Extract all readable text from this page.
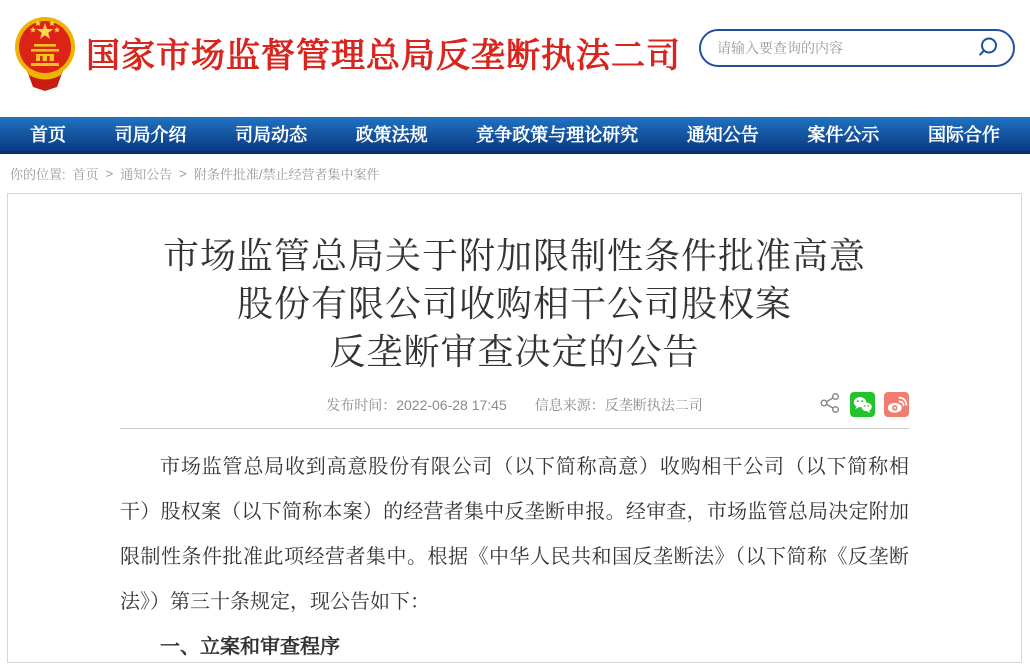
国家市场监督管理总局反垄断执法二司
请输入要查询的内容
首页	司局介绍	司局动态	政策法规	竞争政策与理论研究	通知公告	案件公示	国际合作
你的位置: 首页 > 通知公告 > 附条件批准/禁止经营者集中案件
市场监管总局关于附加限制性条件批准高意
股份有限公司收购相干公司股权案
反垄断审查决定的公告
发布时间：2022-06-28 17:45 信息来源：反垄断执法二司

市场监管总局收到高意股份有限公司（以下简称高意）收购相干公司（以下简称相干）股权案（以下简称本案）的经营者集中反垄断申报。经审查，市场监管总局决定附加限制性条件批准此项经营者集中。根据《中华人民共和国反垄断法》（以下简称《反垄断法》）第三十条规定，现公告如下：

一、立案和审查程序
